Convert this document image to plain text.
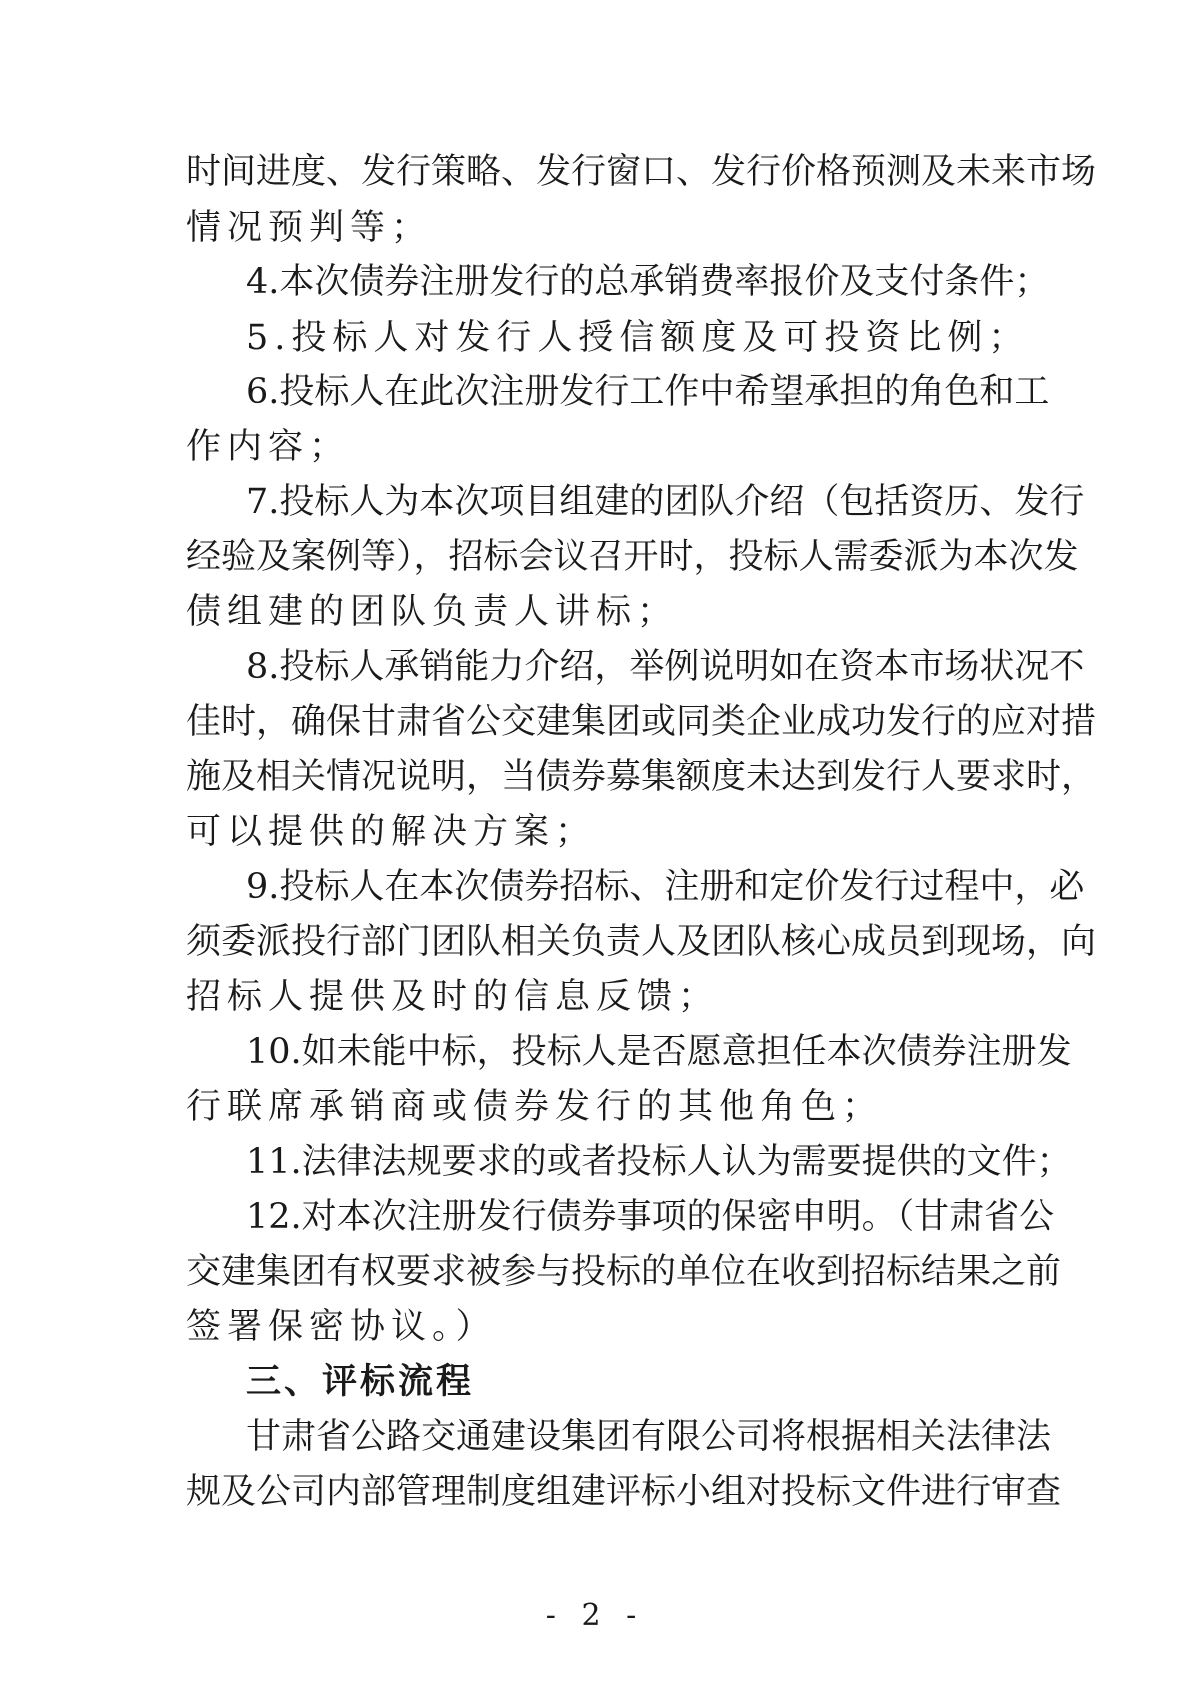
时间进度、发行策略、发行窗口、发行价格预测及未来市场
情况预判等；
4.本次债券注册发行的总承销费率报价及支付条件；
5.投标人对发行人授信额度及可投资比例；
6.投标人在此次注册发行工作中希望承担的角色和工
作内容；
7.投标人为本次项目组建的团队介绍（包括资历、发行
经验及案例等），招标会议召开时，投标人需委派为本次发
债组建的团队负责人讲标；
8.投标人承销能力介绍，举例说明如在资本市场状况不
佳时，确保甘肃省公交建集团或同类企业成功发行的应对措
施及相关情况说明，当债券募集额度未达到发行人要求时，
可以提供的解决方案；
9.投标人在本次债券招标、注册和定价发行过程中，必
须委派投行部门团队相关负责人及团队核心成员到现场，向
招标人提供及时的信息反馈；
10.如未能中标，投标人是否愿意担任本次债券注册发
行联席承销商或债券发行的其他角色；
11.法律法规要求的或者投标人认为需要提供的文件；
12.对本次注册发行债券事项的保密申明。（甘肃省公
交建集团有权要求被参与投标的单位在收到招标结果之前
签署保密协议。）
三、评标流程
甘肃省公路交通建设集团有限公司将根据相关法律法
规及公司内部管理制度组建评标小组对投标文件进行审查
- 2 -
